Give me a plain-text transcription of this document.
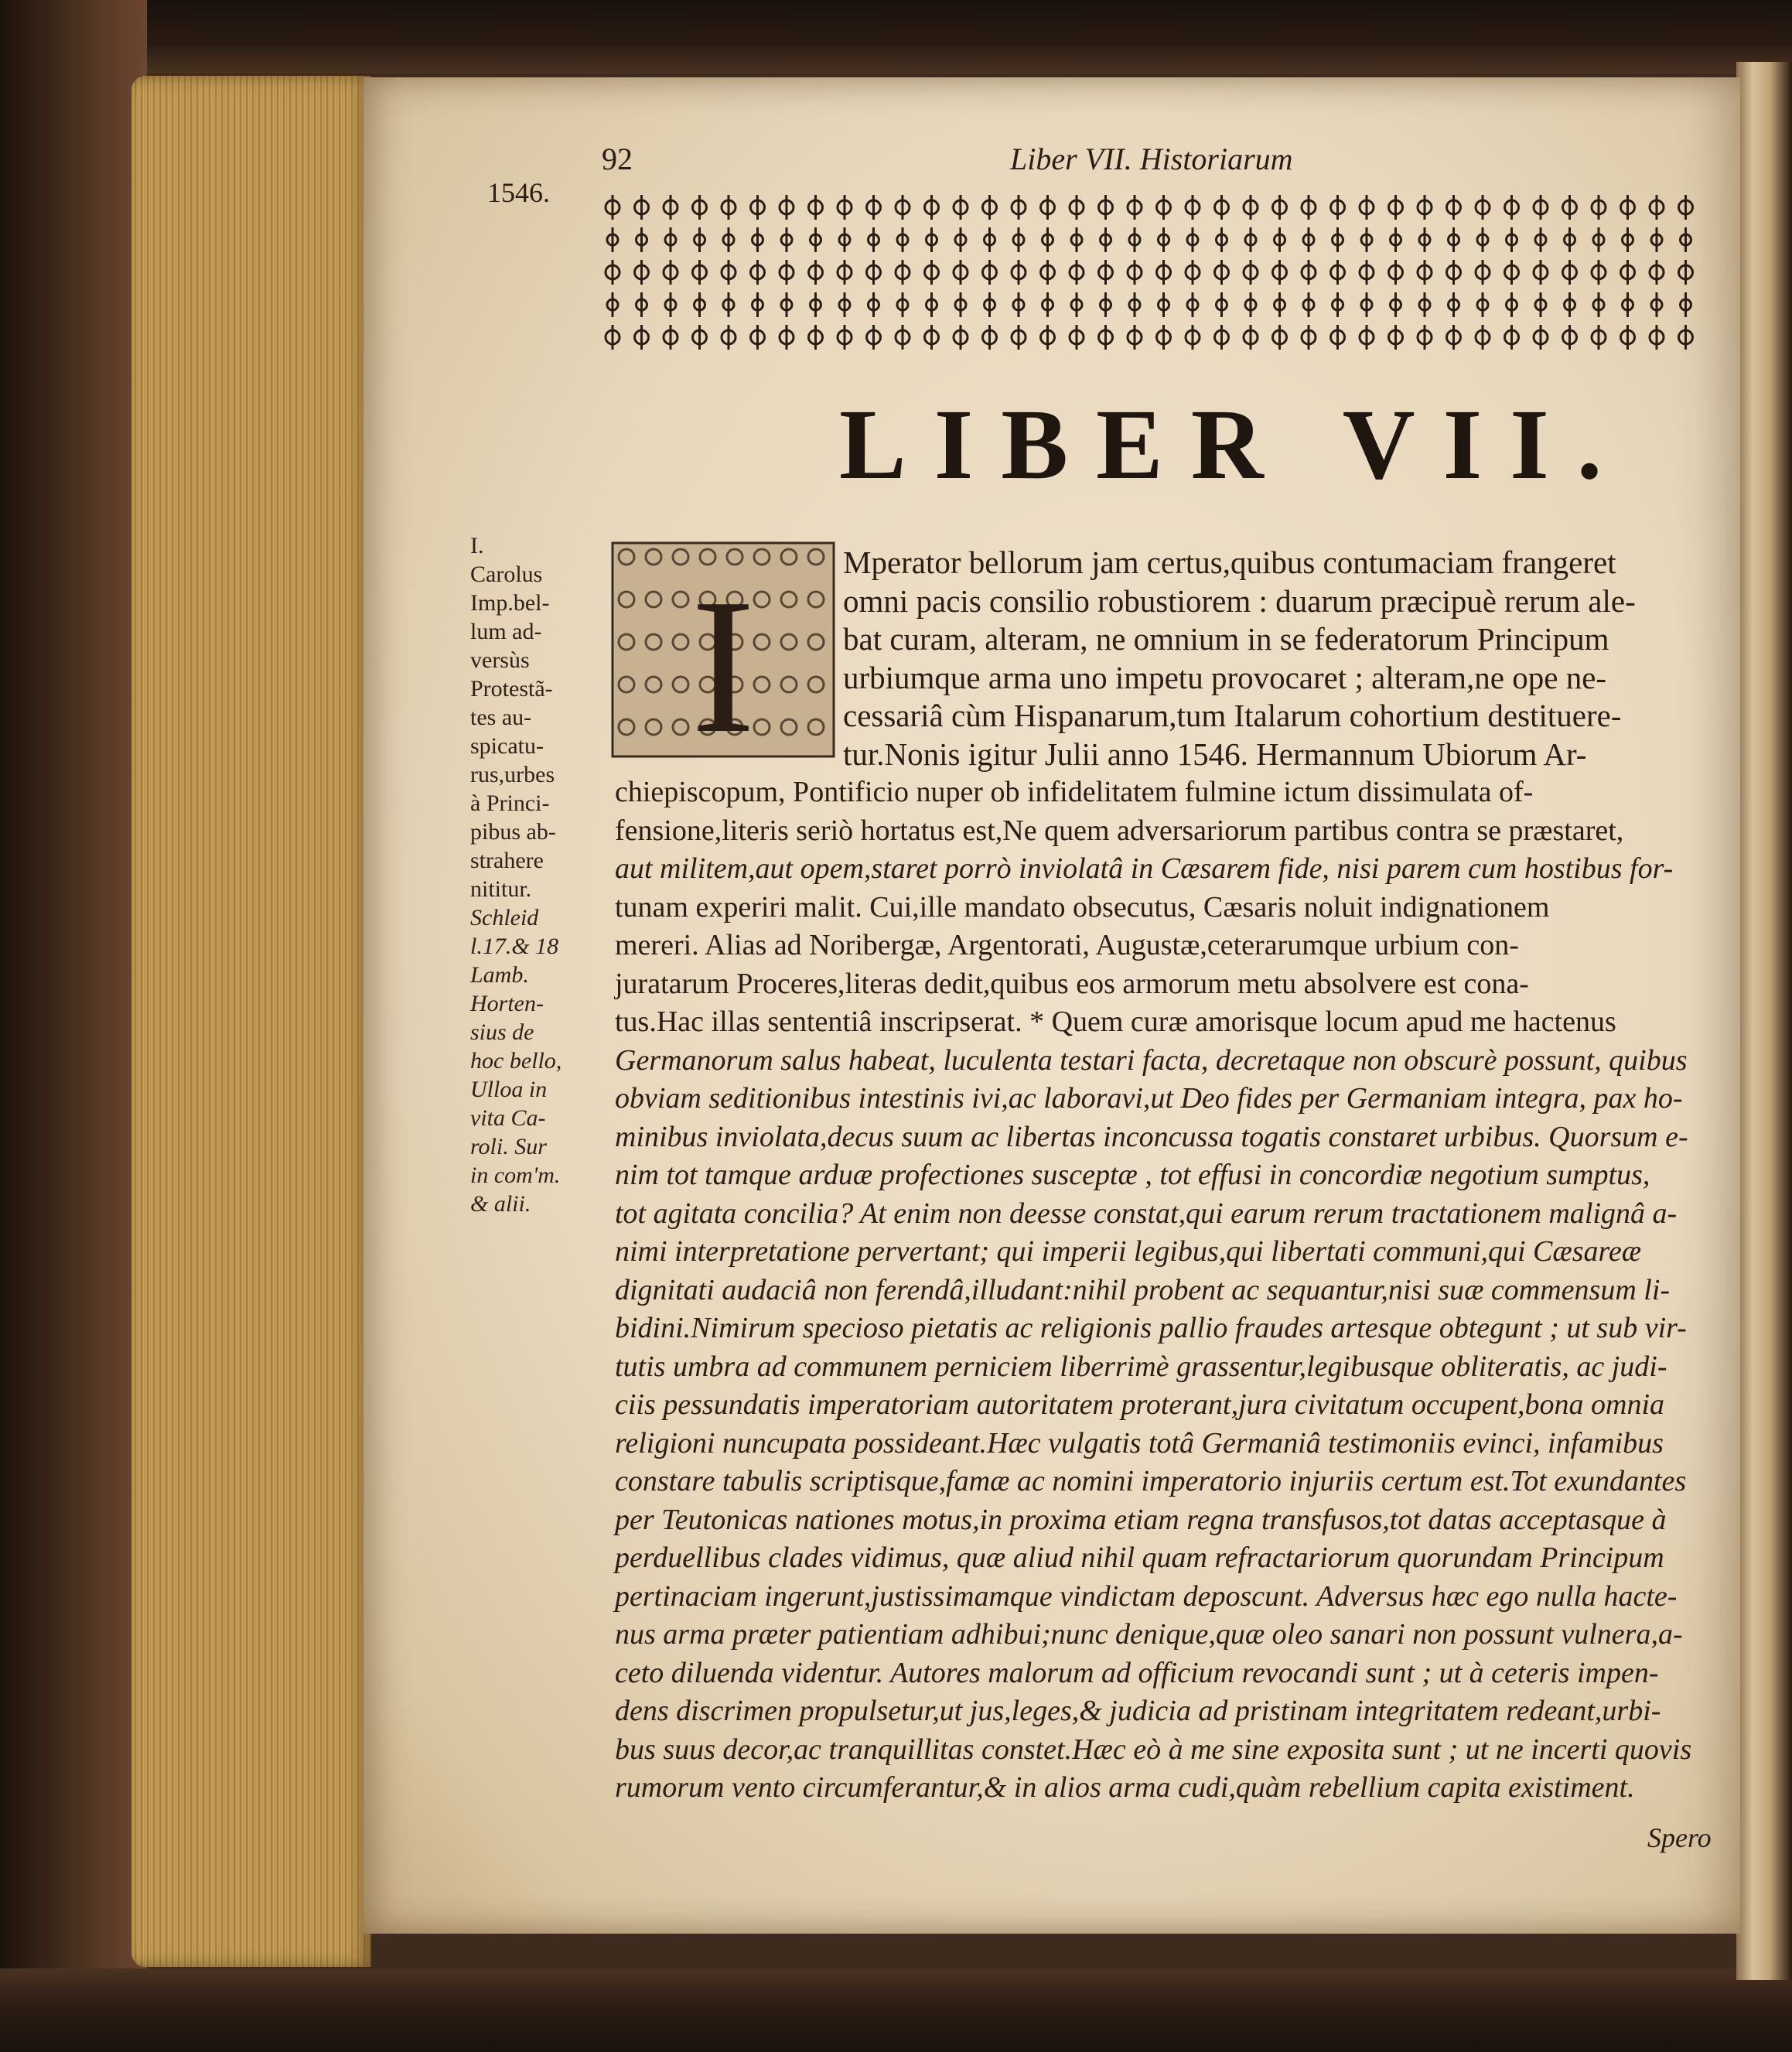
1546.
92	Liber VII. Historiarum
LIBER VII.
I
I.
Carolus
Imp.bel-
lum ad-
versùs
Protestã-
tes au-
spicatu-
rus,urbes
à Princi-
pibus ab-
strahere
nititur.
Schleid
l.17.& 18
Lamb.
Horten-
sius de
hoc bello,
Ulloa in
vita Ca-
roli. Sur
in com'm.
& alii.
Mperator bellorum jam certus,quibus contumaciam frangeret
omni pacis consilio robustiorem : duarum præcipuè rerum ale-
bat curam, alteram, ne omnium in se federatorum Principum
urbiumque arma uno impetu provocaret ; alteram,ne ope ne-
cessariâ cùm Hispanarum,tum Italarum cohortium destituere-
tur.Nonis igitur Julii anno 1546. Hermannum Ubiorum Ar-
chiepiscopum, Pontificio nuper ob infidelitatem fulmine ictum dissimulata of-
fensione,literis seriò hortatus est,Ne quem adversariorum partibus contra se præstaret,
aut militem,aut opem,staret porrò inviolatâ in Cæsarem fide, nisi parem cum hostibus for-
tunam experiri malit. Cui,ille mandato obsecutus, Cæsaris noluit indignationem
mereri. Alias ad Noribergæ, Argentorati, Augustæ,ceterarumque urbium con-
juratarum Proceres,literas dedit,quibus eos armorum metu absolvere est cona-
tus.Hac illas sententiâ inscripserat. * Quem curæ amorisque locum apud me hactenus
Germanorum salus habeat, luculenta testari facta, decretaque non obscurè possunt, quibus
obviam seditionibus intestinis ivi,ac laboravi,ut Deo fides per Germaniam integra, pax ho-
minibus inviolata,decus suum ac libertas inconcussa togatis constaret urbibus. Quorsum e-
nim tot tamque arduæ profectiones susceptæ , tot effusi in concordiæ negotium sumptus,
tot agitata concilia? At enim non deesse constat,qui earum rerum tractationem malignâ a-
nimi interpretatione pervertant; qui imperii legibus,qui libertati communi,qui Cæsareæ
dignitati audaciâ non ferendâ,illudant:nihil probent ac sequantur,nisi suæ commensum li-
bidini.Nimirum specioso pietatis ac religionis pallio fraudes artesque obtegunt ; ut sub vir-
tutis umbra ad communem perniciem liberrimè grassentur,legibusque obliteratis, ac judi-
ciis pessundatis imperatoriam autoritatem proterant,jura civitatum occupent,bona omnia
religioni nuncupata possideant.Hæc vulgatis totâ Germaniâ testimoniis evinci, infamibus
constare tabulis scriptisque,famæ ac nomini imperatorio injuriis certum est.Tot exundantes
per Teutonicas nationes motus,in proxima etiam regna transfusos,tot datas acceptasque à
perduellibus clades vidimus, quæ aliud nihil quam refractariorum quorundam Principum
pertinaciam ingerunt,justissimamque vindictam deposcunt. Adversus hæc ego nulla hacte-
nus arma præter patientiam adhibui;nunc denique,quæ oleo sanari non possunt vulnera,a-
ceto diluenda videntur. Autores malorum ad officium revocandi sunt ; ut à ceteris impen-
dens discrimen propulsetur,ut jus,leges,& judicia ad pristinam integritatem redeant,urbi-
bus suus decor,ac tranquillitas constet.Hæc eò à me sine exposita sunt ; ut ne incerti quovis
rumorum vento circumferantur,& in alios arma cudi,quàm rebellium capita existiment.
Spero
